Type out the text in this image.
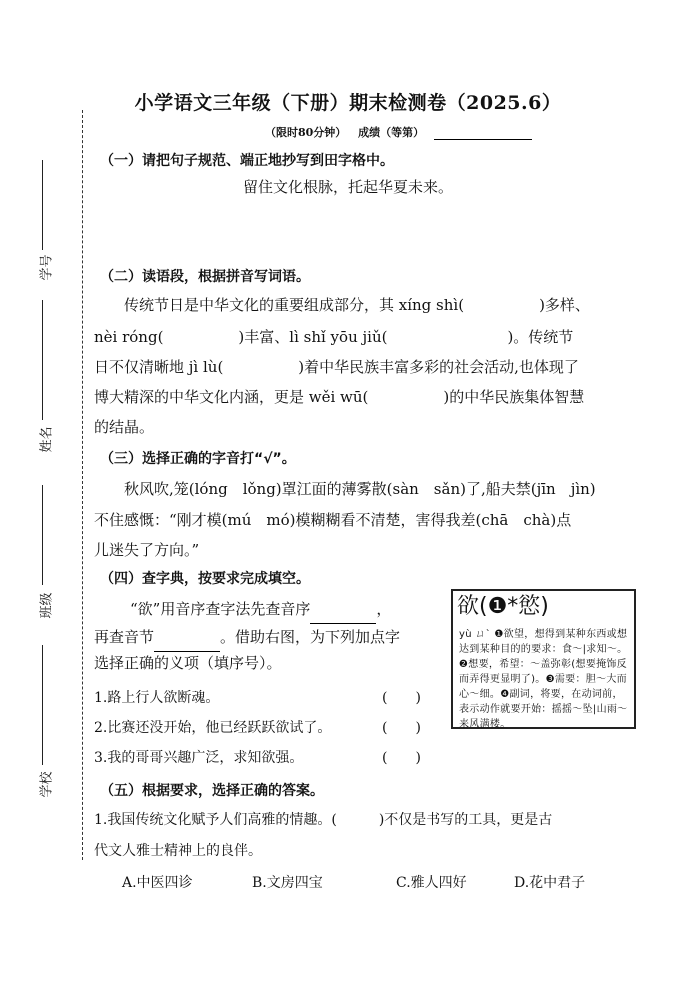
小学语文三年级（下册）期末检测卷（2025.6）
（限时80分钟） 成绩（等第）
学号
姓名
班级
学校
（一）请把句子规范、端正地抄写到田字格中。
留住文化根脉，托起华夏未来。
（二）读语段，根据拼音写词语。
传统节日是中华文化的重要组成部分，其 xíng shì(　　　　　)多样、
nèi róng(　　　　　)丰富、lì shǐ yōu jiǔ(　　　　　　　　)。传统节
日不仅清晰地 jì lù(　　　　　)着中华民族丰富多彩的社会活动,也体现了
博大精深的中华文化内涵，更是 wěi wū(　　　　　)的中华民族集体智慧
的结晶。
（三）选择正确的字音打“√”。
秋风吹,笼(lóng　lǒng)罩江面的薄雾散(sàn　sǎn)了,船夫禁(jīn　jìn)
不住感慨：“刚才模(mú　mó)模糊糊看不清楚，害得我差(chā　chà)点
儿迷失了方向。”
（四）查字典，按要求完成填空。
“欲”用音序查字法先查音序	，
再查音节	。借助右图，为下列加点字
选择正确的义项（填序号）。
1.路上行人欲断魂。	(　　)
2.比赛还没开始，他已经跃跃欲试了。	(　　)
3.我的哥哥兴趣广泛，求知欲强。	(　　)
欲(❶*慾)
yù ㄩˋ ❶欲望，想得到某种东西或想达到某种目的的要求：食～|求知～。❷想要，希望：～盖弥彰(想要掩饰反而弄得更显明了)。❸需要：胆～大而心～细。❹副词，将要，在动词前，表示动作就要开始：摇摇～坠|山雨～来风满楼。
（五）根据要求，选择正确的答案。
1.我国传统文化赋予人们高雅的情趣。(　　　)不仅是书写的工具，更是古
代文人雅士精神上的良伴。
A.中医四诊	B.文房四宝	C.雅人四好	D.花中君子
